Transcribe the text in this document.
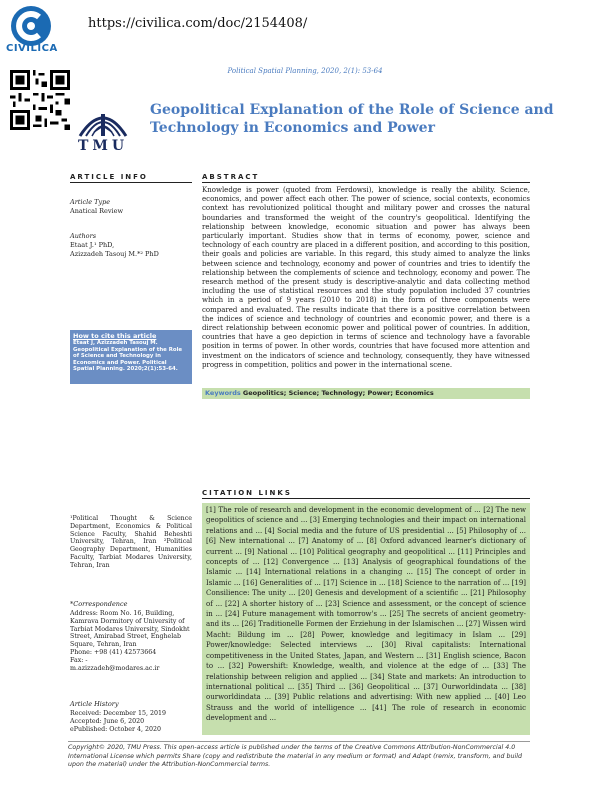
CIVILICA
https://civilica.com/doc/2154408/
Political Spatial Planning, 2020, 2(1): 53-64
TMU
Geopolitical Explanation of the Role of Science and Technology in Economics and Power
ARTICLE INFO
Article Type
Anatical Review
Authors
Etaat J.¹ PhD,
Azizzadeh Tasouj M.*² PhD
How to cite this article
Etaat J, Azizzadeh Tasouj M. Geopolitical Explanation of the Role of Science and Technology in Economics and Power. Political Spatial Planning. 2020;2(1):53-64.
ABSTRACT
Knowledge is power (quoted from Ferdowsi), knowledge is really the ability. Science, economics, and power affect each other. The power of science, social contexts, economics context has revolutionized political thought and military power and crosses the natural boundaries and transformed the weight of the country's geopolitical. Identifying the relationship between knowledge, economic situation and power has always been particularly important. Studies show that in terms of economy, power, science and technology of each country are placed in a different position, and according to this position, their goals and policies are variable. In this regard, this study aimed to analyze the links between science and technology, economy and power of countries and tries to identify the relationship between the complements of science and technology, economy and power. The research method of the present study is descriptive-analytic and data collecting method including the use of statistical resources and the study population included 37 countries which in a period of 9 years (2010 to 2018) in the form of three components were compared and evaluated. The results indicate that there is a positive correlation between the indices of science and technology of countries and economic power, and there is a direct relationship between economic power and political power of countries. In addition, countries that have a geo depiction in terms of science and technology have a favorable position in terms of power. In other words, countries that have focused more attention and investment on the indicators of science and technology, consequently, they have witnessed progress in competition, politics and power in the international scene.
Keywords Geopolitics; Science; Technology; Power; Economics
¹Political Thought & Science Department, Economics & Political Science Faculty, Shahid Beheshti University, Tehran, Iran ²Political Geography Department, Humanities Faculty, Tarbiat Modares University, Tehran, Iran
*Correspondence
Address: Room No. 16, Building, Kamrava Dormitory of University of Tarbiat Modares University, Sindokht Street, Amirabad Street, Enghelab Square, Tehran, Iran
Phone: +98 (41) 42573664
Fax: -
m.azizzadeh@modares.ac.ir
Article History
Received: December 15, 2019
Accepted: June 6, 2020
ePublished: October 4, 2020
CITATION LINKS
[1] The role of research and development in the economic development of ... [2] The new geopolitics of science and ... [3] Emerging technologies and their impact on international relations and ... [4] Social media and the future of US presidential ... [5] Philosophy of ... [6] New international ... [7] Anatomy of ... [8] Oxford advanced learner's dictionary of current ... [9] National ... [10] Political geography and geopolitical ... [11] Principles and concepts of ... [12] Convergence ... [13] Analysis of geographical foundations of the Islamic ... [14] International relations in a changing ... [15] The concept of order in Islamic ... [16] Generalities of ... [17] Science in ... [18] Science to the narration of ... [19] Consilience: The unity ... [20] Genesis and development of a scientific ... [21] Philosophy of ... [22] A shorter history of ... [23] Science and assessment, or the concept of science in ... [24] Future management with tomorrow's ... [25] The secrets of ancient geometry-and its ... [26] Traditionelle Formen der Erziehung in der Islamischen ... [27] Wissen wird Macht: Bildung im ... [28] Power, knowledge and legitimacy in Islam ... [29] Power/knowledge: Selected interviews ... [30] Rival capitalists: International competitiveness in the United States, Japan, and Western ... [31] English science, Bacon to ... [32] Powershift: Knowledge, wealth, and violence at the edge of ... [33] The relationship between religion and applied ... [34] State and markets: An introduction to international political ... [35] Third ... [36] Geopolitical ... [37] Ourworldindata ... [38] ourworldindata ... [39] Public relations and advertising: With new applied ... [40] Leo Strauss and the world of intelligence ... [41] The role of research in economic development and ...
Copyright© 2020, TMU Press. This open-access article is published under the terms of the Creative Commons Attribution-NonCommercial 4.0 International License which permits Share (copy and redistribute the material in any medium or format) and Adapt (remix, transform, and build upon the material) under the Attribution-NonCommercial terms.
